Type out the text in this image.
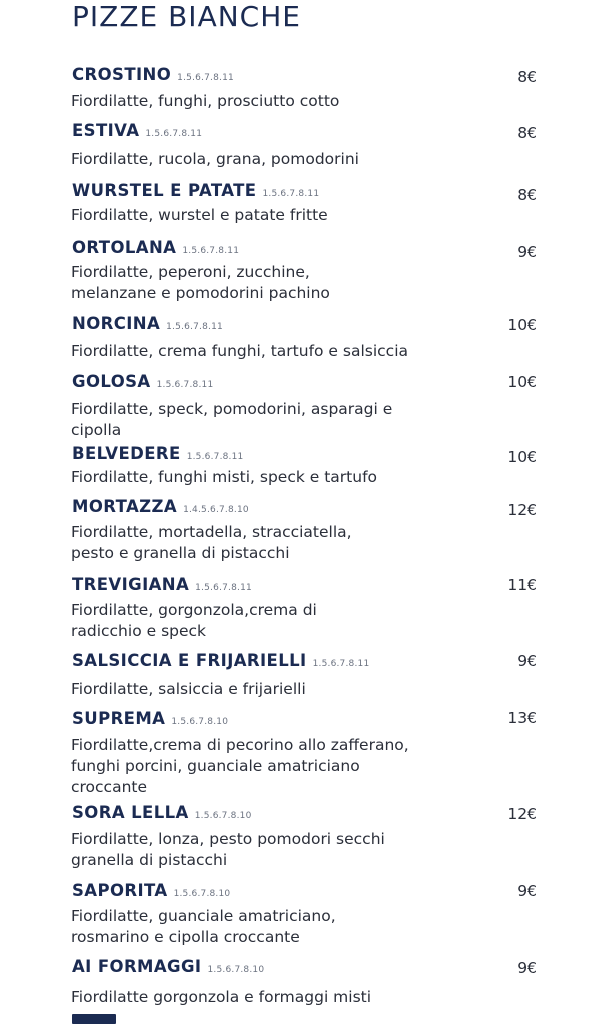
PIZZE BIANCHE
CROSTINO 1.5.6.7.8.11	8€
Fiordilatte, funghi, prosciutto cotto
ESTIVA 1.5.6.7.8.11	8€
Fiordilatte, rucola, grana, pomodorini
WURSTEL E PATATE 1.5.6.7.8.11	8€
Fiordilatte, wurstel e patate fritte
ORTOLANA 1.5.6.7.8.11	9€
Fiordilatte, peperoni, zucchine,
melanzane e pomodorini pachino
NORCINA 1.5.6.7.8.11	10€
Fiordilatte, crema funghi, tartufo e salsiccia
GOLOSA 1.5.6.7.8.11	10€
Fiordilatte, speck, pomodorini, asparagi e
cipolla
BELVEDERE 1.5.6.7.8.11	10€
Fiordilatte, funghi misti, speck e tartufo
MORTAZZA 1.4.5.6.7.8.10	12€
Fiordilatte, mortadella, stracciatella,
pesto e granella di pistacchi
TREVIGIANA 1.5.6.7.8.11	11€
Fiordilatte, gorgonzola,crema di
radicchio e speck
SALSICCIA E FRIJARIELLI 1.5.6.7.8.11	9€
Fiordilatte, salsiccia e frijarielli
SUPREMA 1.5.6.7.8.10	13€
Fiordilatte,crema di pecorino allo zafferano,
funghi porcini, guanciale amatriciano
croccante
SORA LELLA 1.5.6.7.8.10	12€
Fiordilatte, lonza, pesto pomodori secchi
granella di pistacchi
SAPORITA 1.5.6.7.8.10	9€
Fiordilatte, guanciale amatriciano,
rosmarino e cipolla croccante
AI FORMAGGI 1.5.6.7.8.10	9€
Fiordilatte gorgonzola e formaggi misti
